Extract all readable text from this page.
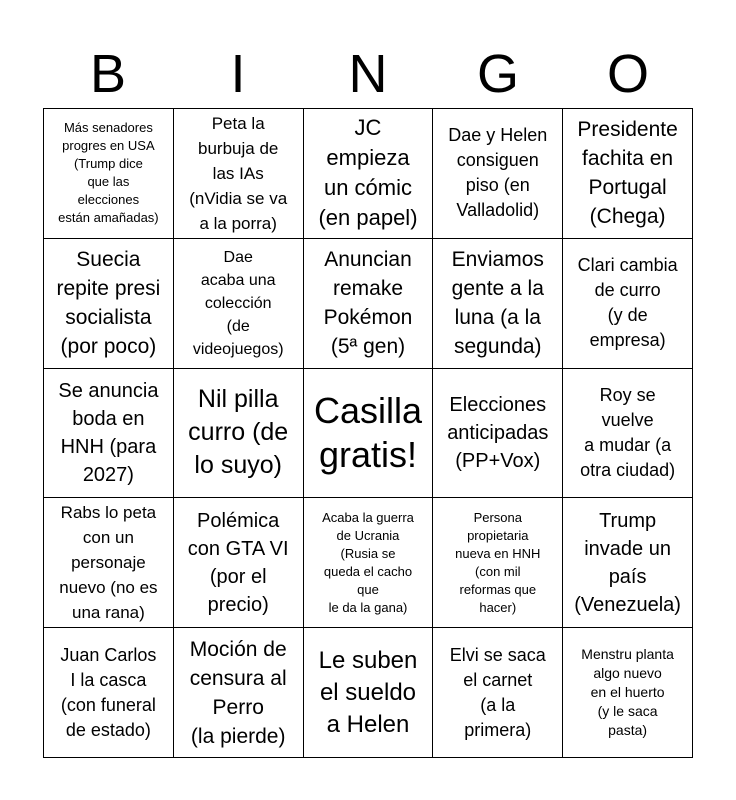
B	I	N	G	O
Más senadores
progres en USA
(Trump dice
que las
elecciones
están amañadas)
Peta la
burbuja de
las IAs
(nVidia se va
a la porra)
JC
empieza
un cómic
(en papel)
Dae y Helen
consiguen
piso (en
Valladolid)
Presidente
fachita en
Portugal
(Chega)
Suecia
repite presi
socialista
(por poco)
Dae
acaba una
colección
(de
videojuegos)
Anuncian
remake
Pokémon
(5ª gen)
Enviamos
gente a la
luna (a la
segunda)
Clari cambia
de curro
(y de
empresa)
Se anuncia
boda en
HNH (para
2027)
Nil pilla
curro (de
lo suyo)
Casilla
gratis!
Elecciones
anticipadas
(PP+Vox)
Roy se
vuelve
a mudar (a
otra ciudad)
Rabs lo peta
con un
personaje
nuevo (no es
una rana)
Polémica
con GTA VI
(por el
precio)
Acaba la guerra
de Ucrania
(Rusia se
queda el cacho
que
le da la gana)
Persona
propietaria
nueva en HNH
(con mil
reformas que
hacer)
Trump
invade un
país
(Venezuela)
Juan Carlos
I la casca
(con funeral
de estado)
Moción de
censura al
Perro
(la pierde)
Le suben
el sueldo
a Helen
Elvi se saca
el carnet
(a la
primera)
Menstru planta
algo nuevo
en el huerto
(y le saca
pasta)
